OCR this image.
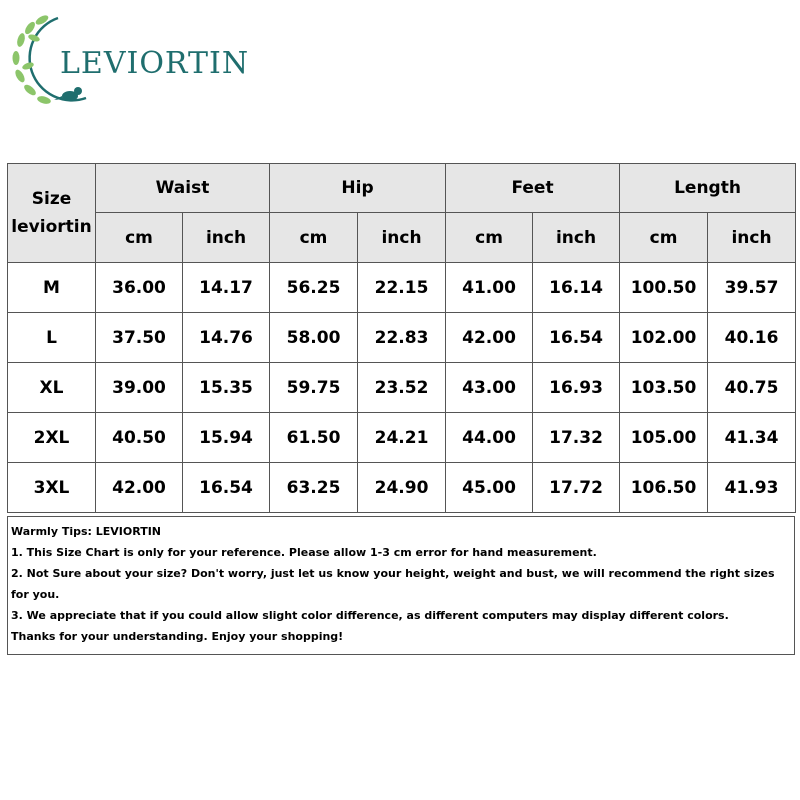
LEVIORTIN
Size
leviortin	Waist		Hip		Feet		Length	
	cm	inch	cm	inch	cm	inch	cm	inch
M	36.00	14.17	56.25	22.15	41.00	16.14	100.50	39.57
L	37.50	14.76	58.00	22.83	42.00	16.54	102.00	40.16
XL	39.00	15.35	59.75	23.52	43.00	16.93	103.50	40.75
2XL	40.50	15.94	61.50	24.21	44.00	17.32	105.00	41.34
3XL	42.00	16.54	63.25	24.90	45.00	17.72	106.50	41.93
Warmly Tips: LEVIORTIN
1. This Size Chart is only for your reference. Please allow 1-3 cm error for hand measurement.
2. Not Sure about your size? Don't worry, just let us know your height, weight and bust, we will recommend the right sizes for you.
3. We appreciate that if you could allow slight color difference, as different computers may display different colors.
Thanks for your understanding. Enjoy your shopping!
